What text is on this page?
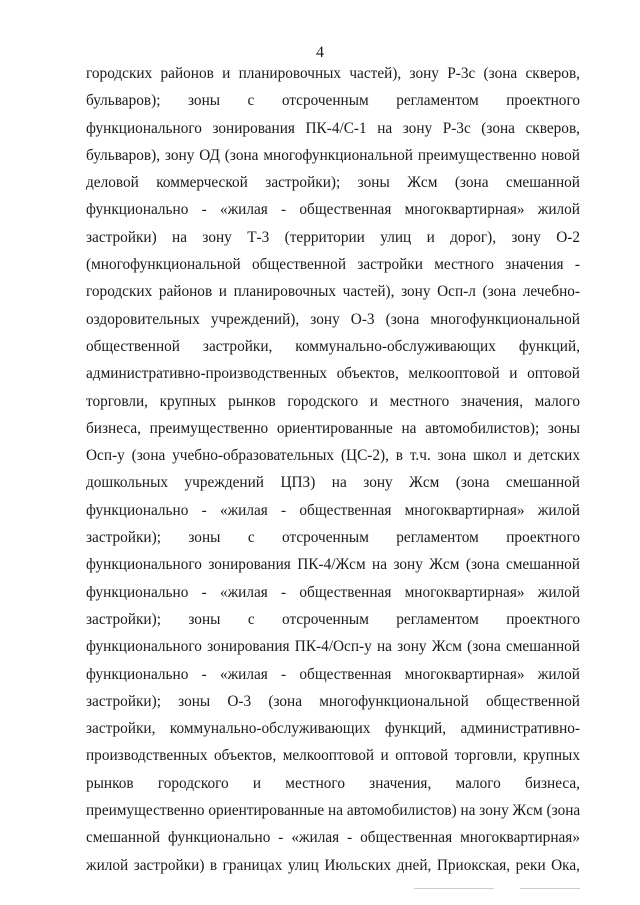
4
городских районов и планировочных частей), зону Р-3с (зона скверов,
бульваров); зоны с отсроченным регламентом проектного
функционального зонирования ПК-4/С-1 на зону Р-3с (зона скверов,
бульваров), зону ОД (зона многофункциональной преимущественно новой
деловой коммерческой застройки); зоны Жсм (зона смешанной
функционально - «жилая - общественная многоквартирная» жилой
застройки) на зону Т-3 (территории улиц и дорог), зону О-2
(многофункциональной общественной застройки местного значения -
городских районов и планировочных частей), зону Осп-л (зона лечебно-
оздоровительных учреждений), зону О-3 (зона многофункциональной
общественной застройки, коммунально-обслуживающих функций,
административно-производственных объектов, мелкооптовой и оптовой
торговли, крупных рынков городского и местного значения, малого
бизнеса, преимущественно ориентированные на автомобилистов); зоны
Осп-у (зона учебно-образовательных (ЦС-2), в т.ч. зона школ и детских
дошкольных учреждений ЦПЗ) на зону Жсм (зона смешанной
функционально - «жилая - общественная многоквартирная» жилой
застройки); зоны с отсроченным регламентом проектного
функционального зонирования ПК-4/Жсм на зону Жсм (зона смешанной
функционально - «жилая - общественная многоквартирная» жилой
застройки); зоны с отсроченным регламентом проектного
функционального зонирования ПК-4/Осп-у на зону Жсм (зона смешанной
функционально - «жилая - общественная многоквартирная» жилой
застройки); зоны О-3 (зона многофункциональной общественной
застройки, коммунально-обслуживающих функций, административно-
производственных объектов, мелкооптовой и оптовой торговли, крупных
рынков городского и местного значения, малого бизнеса,
преимущественно ориентированные на автомобилистов) на зону Жсм (зона
смешанной функционально - «жилая - общественная многоквартирная»
жилой застройки) в границах улиц Июльских дней, Приокская, реки Ока,
